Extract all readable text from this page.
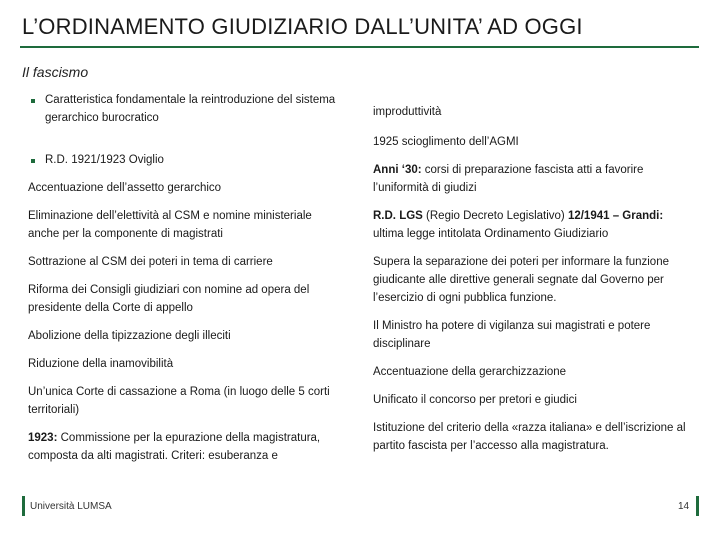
L’ORDINAMENTO GIUDIZIARIO DALL’UNITA’ AD OGGI
Il fascismo

Caratteristica fondamentale la reintroduzione del sistema gerarchico burocratico

R.D. 1921/1923 Oviglio

Accentuazione dell’assetto gerarchico

Eliminazione dell’elettività al CSM e nomine ministeriale anche per la componente di magistrati

Sottrazione al CSM dei poteri in tema di carriere

Riforma dei Consigli giudiziari con nomine ad opera del presidente della Corte di appello

Abolizione della tipizzazione degli illeciti

Riduzione della inamovibilità

Un’unica Corte di cassazione a Roma (in luogo delle 5 corti territoriali)

1923: Commissione per la epurazione della magistratura, composta da alti magistrati. Criteri: esuberanza e

improduttività

1925 scioglimento dell’AGMI

Anni ‘30: corsi di preparazione fascista atti a favorire l’uniformità di giudizi

R.D. LGS (Regio Decreto Legislativo) 12/1941 – Grandi: ultima legge intitolata Ordinamento Giudiziario

Supera la separazione dei poteri per informare la funzione giudicante alle direttive generali segnate dal Governo per l’esercizio di ogni pubblica funzione.

Il Ministro ha potere di vigilanza sui magistrati e potere disciplinare

Accentuazione della gerarchizzazione

Unificato il concorso per pretori e giudici

Istituzione del criterio della «razza italiana» e dell’iscrizione al partito fascista per l’accesso alla magistratura.

Università LUMSA	14
